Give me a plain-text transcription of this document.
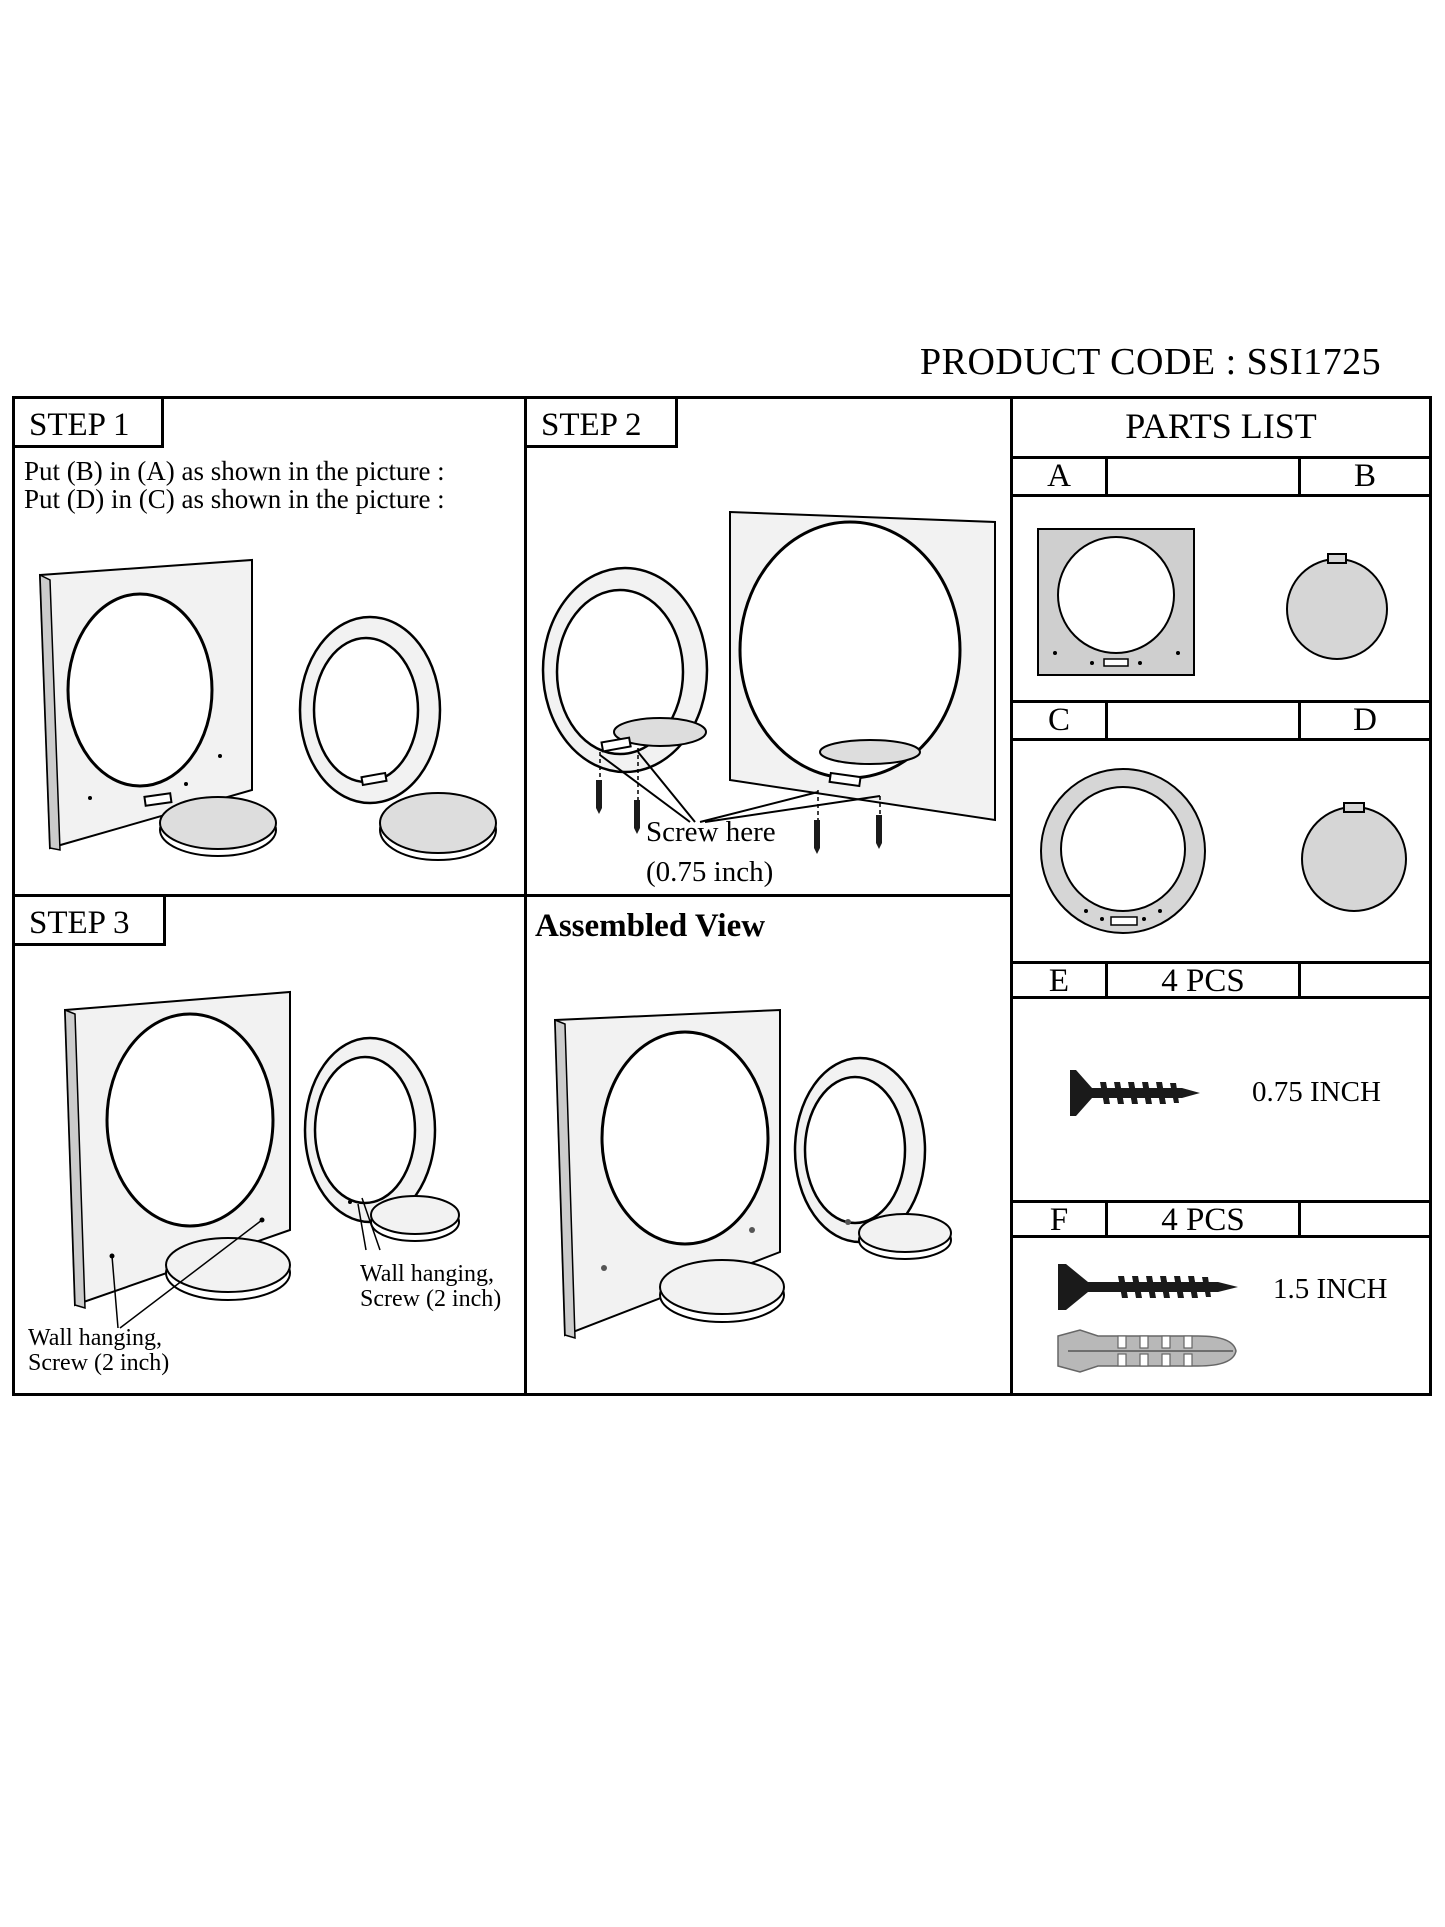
PRODUCT CODE : SSI1725
STEP 1
Put (B) in (A) as shown in the picture :
Put (D) in (C) as shown in the picture :
STEP 2
Screw here
(0.75 inch)
STEP 3
Wall hanging,
Screw (2 inch)
Wall hanging,
Screw (2 inch)
Assembled View
PARTS LIST
A	B
C	D
E	4 PCS
0.75 INCH
F	4 PCS
1.5 INCH
